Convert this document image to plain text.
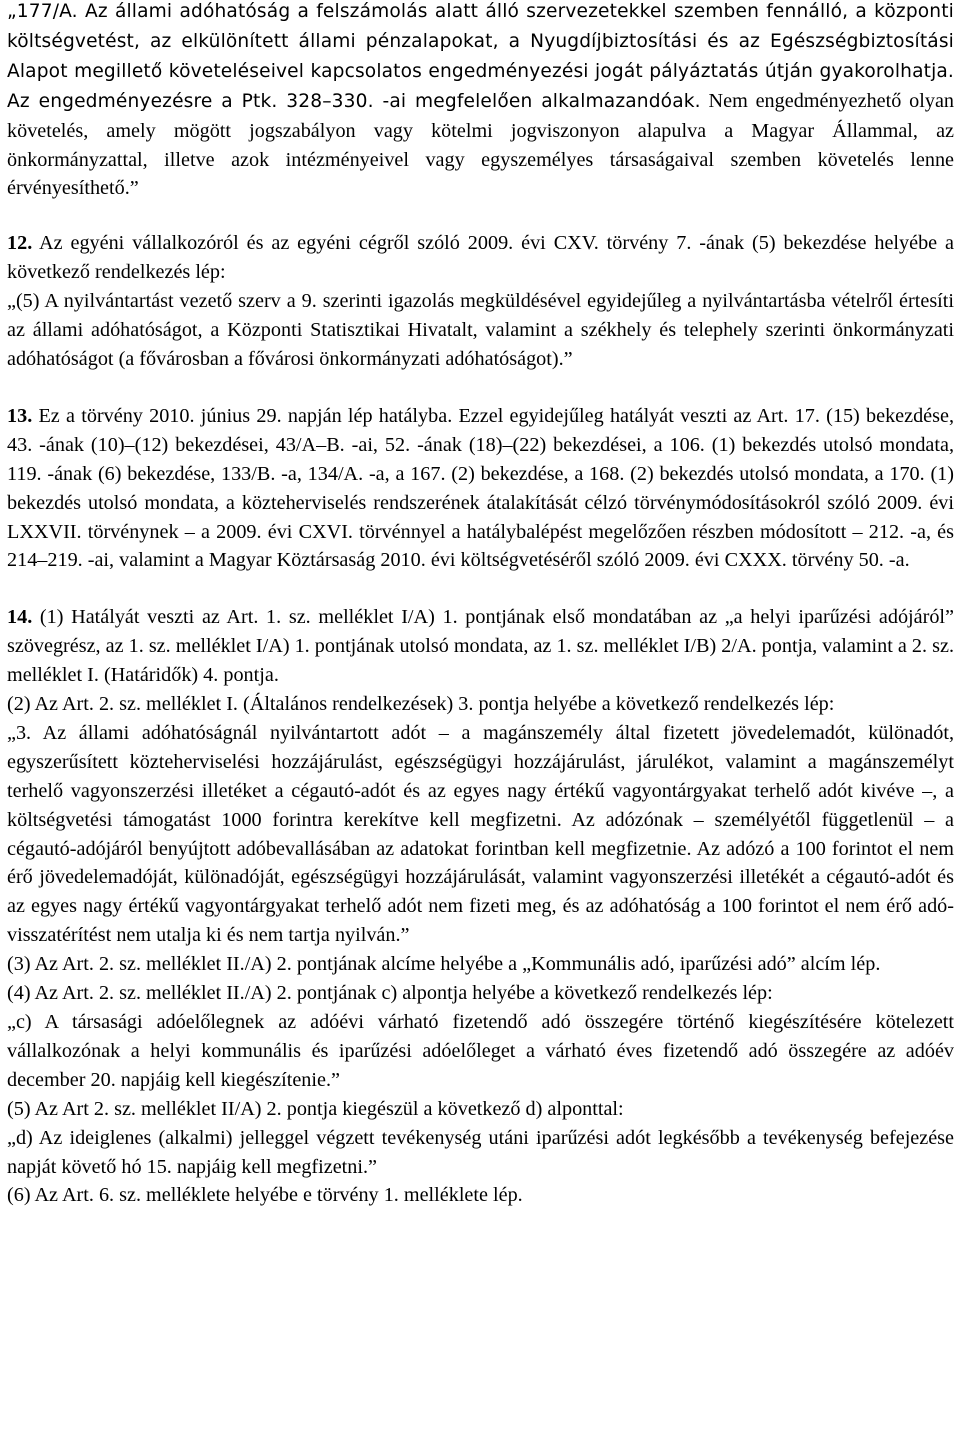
„177/A. Az állami adóhatóság a felszámolás alatt álló szervezetekkel szemben fennálló, a központi költségvetést, az elkülönített állami pénzalapokat, a Nyugdíjbiztosítási és az Egészségbiztosítási Alapot megillető követeléseivel kapcsolatos engedményezési jogát pályáztatás útján gyakorolhatja. Az engedményezésre a Ptk. 328–330. -ai megfelelően alkalmazandóak. Nem engedményezhető olyan követelés, amely mögött jogszabályon vagy kötelmi jogviszonyon alapulva a Magyar Állammal, az önkormányzattal, illetve azok intézményeivel vagy egyszemélyes társaságaival szemben követelés lenne érvényesíthető.”

12. Az egyéni vállalkozóról és az egyéni cégről szóló 2009. évi CXV. törvény 7. -ának (5) bekezdése helyébe a következő rendelkezés lép:

„(5) A nyilvántartást vezető szerv a 9. szerinti igazolás megküldésével egyidejűleg a nyilvántartásba vételről értesíti az állami adóhatóságot, a Központi Statisztikai Hivatalt, valamint a székhely és telephely szerinti önkormányzati adóhatóságot (a fővárosban a fővárosi önkormányzati adóhatóságot).”

13. Ez a törvény 2010. június 29. napján lép hatályba. Ezzel egyidejűleg hatályát veszti az Art. 17. (15) bekezdése, 43. -ának (10)–(12) bekezdései, 43/A–B. -ai, 52. -ának (18)–(22) bekezdései, a 106. (1) bekezdés utolsó mondata, 119. -ának (6) bekezdése, 133/B. -a, 134/A. -a, a 167. (2) bekezdése, a 168. (2) bekezdés utolsó mondata, a 170. (1) bekezdés utolsó mondata, a közteherviselés rendszerének átalakítását célzó törvénymódosításokról szóló 2009. évi LXXVII. törvénynek – a 2009. évi CXVI. törvénnyel a hatálybalépést megelőzően részben módosított – 212. -a, és 214–219. -ai, valamint a Magyar Köztársaság 2010. évi költségvetéséről szóló 2009. évi CXXX. törvény 50. -a.

14. (1) Hatályát veszti az Art. 1. sz. melléklet I/A) 1. pontjának első mondatában az „a helyi iparűzési adójáról” szövegrész, az 1. sz. melléklet I/A) 1. pontjának utolsó mondata, az 1. sz. melléklet I/B) 2/A. pontja, valamint a 2. sz. melléklet I. (Határidők) 4. pontja.

(2) Az Art. 2. sz. melléklet I. (Általános rendelkezések) 3. pontja helyébe a következő rendelkezés lép:

„3. Az állami adóhatóságnál nyilvántartott adót – a magánszemély által fizetett jövedelemadót, különadót, egyszerűsített közteherviselési hozzájárulást, egészségügyi hozzájárulást, járulékot, valamint a magánszemélyt terhelő vagyonszerzési illetéket a cégautó-adót és az egyes nagy értékű vagyontárgyakat terhelő adót kivéve –, a költségvetési támogatást 1000 forintra kerekítve kell megfizetni. Az adózónak – személyétől függetlenül – a cégautó-adójáról benyújtott adóbevallásában az adatokat forintban kell megfizetnie. Az adózó a 100 forintot el nem érő jövedelemadóját, különadóját, egészségügyi hozzájárulását, valamint vagyonszerzési illetékét a cégautó-adót és az egyes nagy értékű vagyontárgyakat terhelő adót nem fizeti meg, és az adóhatóság a 100 forintot el nem érő adó-visszatérítést nem utalja ki és nem tartja nyilván.”

(3) Az Art. 2. sz. melléklet II./A) 2. pontjának alcíme helyébe a „Kommunális adó, iparűzési adó” alcím lép.

(4) Az Art. 2. sz. melléklet II./A) 2. pontjának c) alpontja helyébe a következő rendelkezés lép:

„c) A társasági adóelőlegnek az adóévi várható fizetendő adó összegére történő kiegészítésére kötelezett vállalkozónak a helyi kommunális és iparűzési adóelőleget a várható éves fizetendő adó összegére az adóév december 20. napjáig kell kiegészítenie.”

(5) Az Art 2. sz. melléklet II/A) 2. pontja kiegészül a következő d) alponttal:

„d) Az ideiglenes (alkalmi) jelleggel végzett tevékenység utáni iparűzési adót legkésőbb a tevékenység befejezése napját követő hó 15. napjáig kell megfizetni.”

(6) Az Art. 6. sz. melléklete helyébe e törvény 1. melléklete lép.
